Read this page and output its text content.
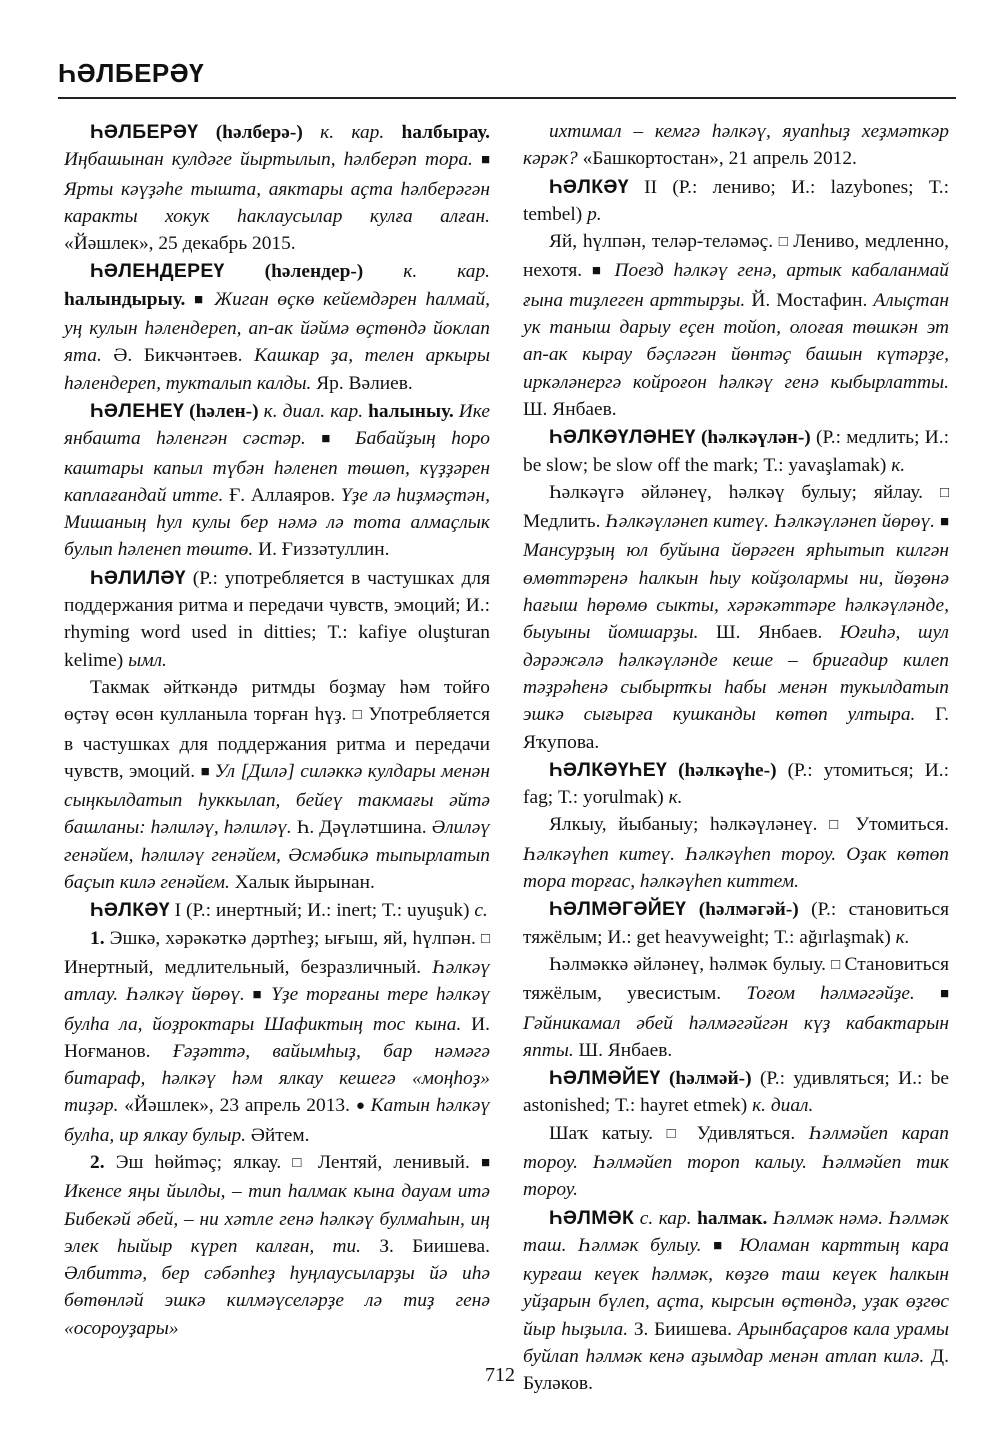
ҺӘЛБЕРӘҮ

ҺӘЛБЕРӘҮ (һәлберә-) к. кар. һалбырау. Иңбашынан кулдәге йыртылып, һәлберәп тора. ■ Ярты кәүҙәһе тышта, аяктары аҫта һәлберәгән каракты хокук һаклаусылар кулға алған. «Йәшлек», 25 декабрь 2015.

ҺӘЛЕНДЕРЕҮ (һәлендер-) к. кар. һалындырыу. ■ Жиган өҫкө кейемдәрен һалмай, уң кулын һәлендереп, ап-ак йәймә өҫтөндә йоклап ята. Ә. Бикчәнтәев. Кашкар ҙа, телен аркыры һәлендереп, тукталып калды. Яр. Вәлиев.

ҺӘЛЕНЕҮ (һәлен-) к. диал. кар. һалыныу. Ике янбашта һәленгән сәстәр. ■ Бабайҙың һоро каштары капыл түбән һәленеп төшөп, күҙҙәрен каплағандай итте. Ғ. Аллаяров. Үҙе лә һиҙмәҫтән, Мишаның һул кулы бер нәмә лә тота алмаҫлык булып һәленеп төштө. И. Ғиззәтуллин.

ҺӘЛИЛӘҮ (Р.: употребляется в частушках для поддержания ритма и передачи чувств, эмоций; И.: rhyming word used in ditties; Т.: kafiye oluşturan kelime) ымл.

Такмак әйткәндә ритмды боҙмау һәм тойғо өҫтәү өсөн кулланыла торған һүҙ. □ Употребляется в частушках для поддержания ритма и передачи чувств, эмоций. ■ Ул [Дилә] силәккә кулдары менән сыңкылдатып һуккылап, бейеү такмағы әйтә башланы: һәлиләү, һәлиләү. Һ. Дәүләтшина. Әлиләү генәйем, һәлиләү генәйем, Әсмәбикә тыпырлатып баҫып килә генәйем. Халык йырынан.

ҺӘЛКӘҮ I (Р.: инертный; И.: inert; Т.: uyuşuk) с.

1. Эшкә, хәрәкәткә дәртһеҙ; ығыш, яй, һүлпән. □ Инертный, медлительный, безразличный. Һәлкәү атлау. Һәлкәү йөрөү. ■ Үҙе торғаны тере һәлкәү булһа ла, йоҙроктары Шафиктың тос кына. И. Ноғманов. Ғәҙәттә, вайымһыҙ, бар нәмәгә битараф, һәлкәү һәм ялкау кешегә «моңһоҙ» тиҙәр. «Йәшлек», 23 апрель 2013. ● Катын һәлкәү булһа, ир ялкау булыр. Әйтем.

2. Эш һөйməç; ялкау. □ Лентяй, ленивый. ■ Икенсе яңы йылды, – тип һалмак кына дауам итә Бибекәй әбей, – ни хәтле генә һәлкәү булмаһын, иң элек һыйыр күреп калған, ти. З. Биишева. Әлбиттә, бер сәбәпһеҙ һуңлаусыларҙы йә иһә бөтөнләй эшкә килмәүселәрҙе лә тиҙ генә «осороуҙары»

ихтимал – кемгә һәлкәү, яуапһыҙ хеҙмәткәр кәрәк? «Башкортостан», 21 апрель 2012.

ҺӘЛКӘҮ II (Р.: лениво; И.: lazybones; Т.: tembel) р.

Яй, һүлпән, теләр-теләмәç. □ Лениво, медленно, нехотя. ■ Поезд һәлкәү генә, артык кабаланмай ғына тиҙлеген арттырҙы. Й. Мостафин. Алыҫтан ук таныш дарыу еҫен тойоп, олоғая төшкән эт ап-ак кырау бәҫләгән йөнтәҫ башын күтәрҙе, иркәләнергә койроғон һәлкәү генә кыбырлатты. Ш. Янбаев.

ҺӘЛКӘҮЛӘНЕҮ (һәлкәүлән-) (Р.: медлить; И.: be slow; be slow off the mark; Т.: yavaşlamak) к.

Һәлкәүгә әйләнеү, һәлкәү булыу; яйлау. □ Медлить. Һәлкәүләнеп китеү. Һәлкәүләнеп йөрөү. ■ Мансурҙың юл буйына йөрәген ярһытып килгән өмөттәренә һалкын һыу койҙолармы ни, йөҙөнә һағыш һөрөмө сыкты, хәрәкәттәре һәлкәүләнде, быуыны йомшарҙы. Ш. Янбаев. Юғиһә, шул дәрәжәлә һәлкәүләнде кеше – бригадир килеп тәҙрәһенә сыбыртҡы һабы менән тукылдатып эшкә сығырға кушканды көтөп ултыра. Г. Яҡупова.

ҺӘЛКӘҮҺЕҮ (һәлкәүһе-) (Р.: утомиться; И.: fag; Т.: yorulmak) к.

Ялкыу, йыбаныу; һәлкәүләнеү. □ Утомиться. Һәлкәүһеп китеү. Һәлкәүһеп тороу. Оҙак көтөп тора торғас, һәлкәүһеп киттем.

ҺӘЛМӘГӘЙЕҮ (һәлмәгәй-) (Р.: становиться тяжёлым; И.: get heavyweight; Т.: ağırlaşmak) к.

Һәлмәккә әйләнеү, һәлмәк булыу. □ Становиться тяжёлым, увесистым. Тоғом һәлмәгәйҙе. ■ Гәйникамал әбей һәлмәгәйгән күҙ кабактарын япты. Ш. Янбаев.

ҺӘЛМӘЙЕҮ (һәлмәй-) (Р.: удивляться; И.: be astonished; Т.: hayret etmek) к. диал.

Шаҡ катыу. □ Удивляться. Һәлмәйеп карап тороу. Һәлмәйеп тороп калыу. Һәлмәйеп тик тороу.

ҺӘЛМӘК с. кар. һалмак. Һәлмәк нәмә. Һәлмәк таш. Һәлмәк булыу. ■ Юламан карттың кара курғаш кеүек һәлмәк, көҙгө таш кеүек һалкын уйҙарын бүлеп, аҫта, кырсын өҫтөндә, уҙак өҙгөс йыр һыҙыла. З. Биишева. Арынбаҫаров кала урамы буйлап һәлмәк кенә аҙымдар менән атлап килә. Д. Буләков.

712
